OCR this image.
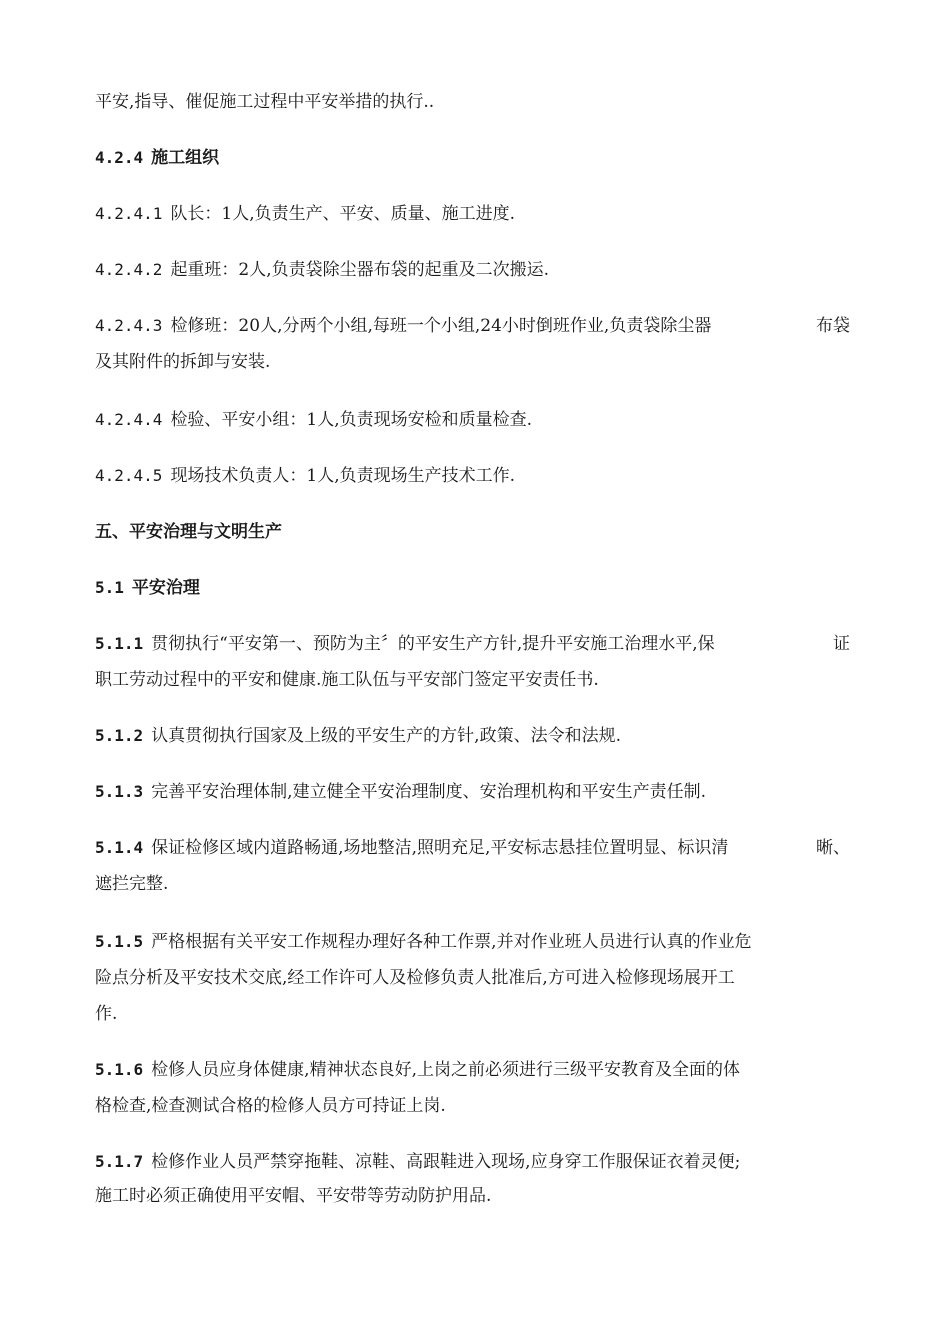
平安,指导、催促施工过程中平安举措的执行..
4.2.4 施工组织
4.2.4.1 队长：1人,负责生产、平安、质量、施工进度.
4.2.4.2 起重班：2人,负责袋除尘器布袋的起重及二次搬运.
4.2.4.3 检修班：20人,分两个小组,每班一个小组,24小时倒班作业,负责袋除尘器	布袋
及其附件的拆卸与安装.
4.2.4.4 检验、平安小组：1人,负责现场安检和质量检查.
4.2.4.5 现场技术负责人：1人,负责现场生产技术工作.
五、平安治理与文明生产
5.1 平安治理
5.1.1 贯彻执行“平安第一、预防为主〞的平安生产方针,提升平安施工治理水平,保	证
职工劳动过程中的平安和健康.施工队伍与平安部门签定平安责任书.
5.1.2 认真贯彻执行国家及上级的平安生产的方针,政策、法令和法规.
5.1.3 完善平安治理体制,建立健全平安治理制度、安治理机构和平安生产责任制.
5.1.4 保证检修区域内道路畅通,场地整洁,照明充足,平安标志悬挂位置明显、标识清	晰、
遮拦完整.
5.1.5 严格根据有关平安工作规程办理好各种工作票,并对作业班人员进行认真的作业危
险点分析及平安技术交底,经工作许可人及检修负责人批准后,方可进入检修现场展开工
作.
5.1.6 检修人员应身体健康,精神状态良好,上岗之前必须进行三级平安教育及全面的体
格检查,检查测试合格的检修人员方可持证上岗.
5.1.7 检修作业人员严禁穿拖鞋、凉鞋、高跟鞋进入现场,应身穿工作服保证衣着灵便;
施工时必须正确使用平安帽、平安带等劳动防护用品.
